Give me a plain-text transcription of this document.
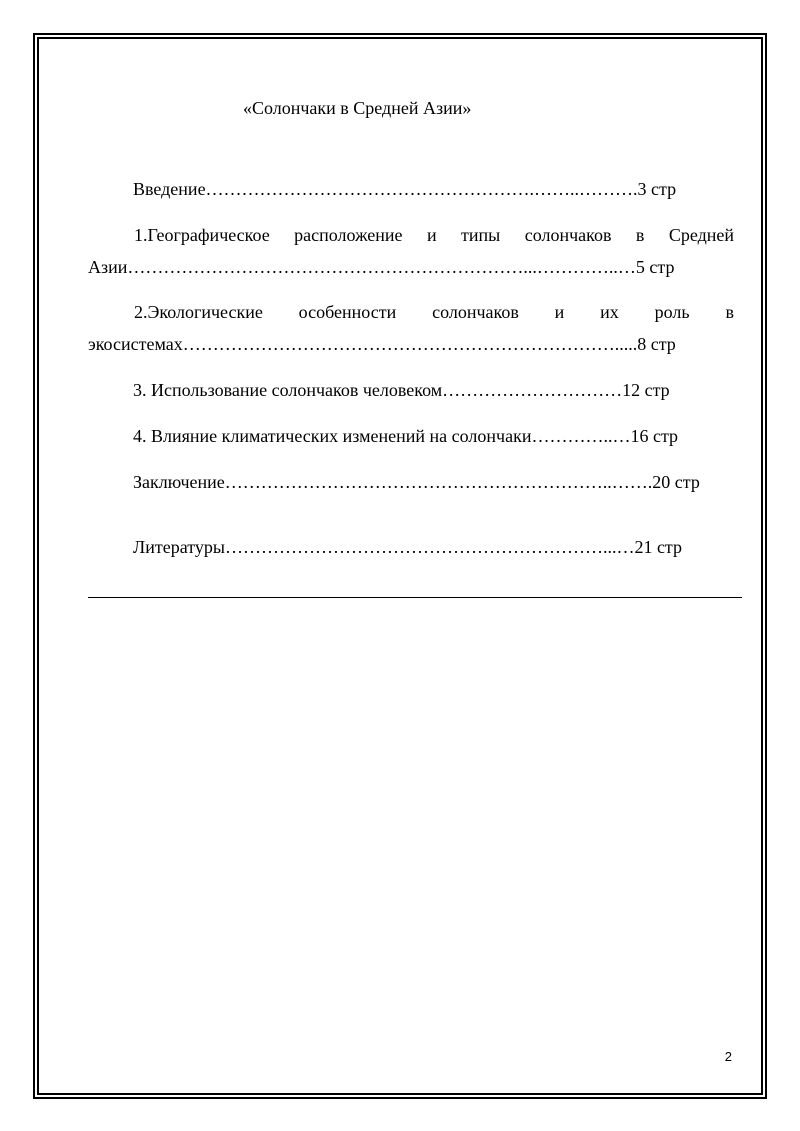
«Солончаки в Средней Азии»
Введение……………………………………………….……..……….3 стр
1.Географическое расположение и типы солончаков в Средней
Азии…………………………………………………………...…………..…5 стр
2.Экологические особенности солончаков и их роль в
экосистемах……………………………………………………………….....8 стр
3. Использование солончаков человеком…………………………12 стр
4. Влияние климатических изменений на солончаки…………..…16 стр
Заключение………………………………………………………..…….20 стр
Литературы………………………………………………………...…21 стр
2
